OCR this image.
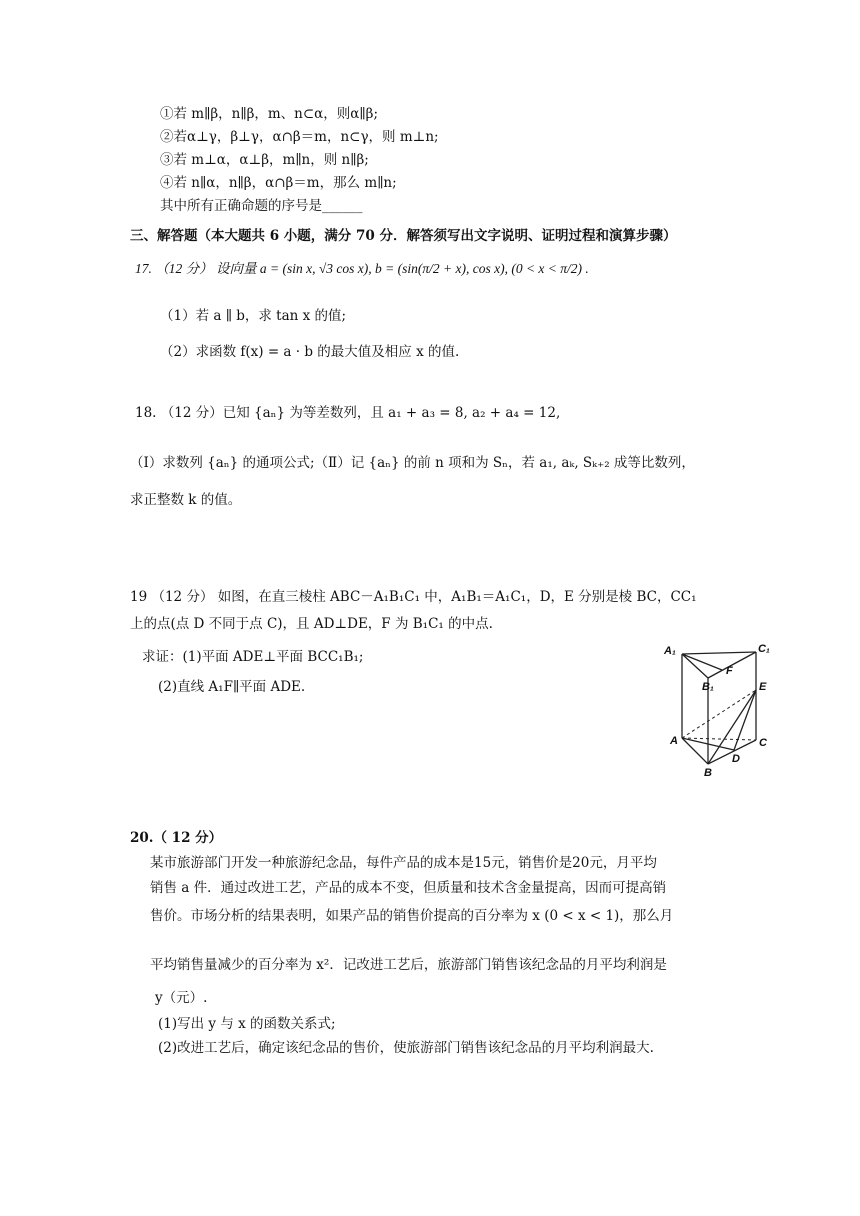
①若 m∥β，n∥β，m、n⊂α，则α∥β;
②若α⊥γ，β⊥γ，α∩β＝m，n⊂γ，则 m⊥n;
③若 m⊥α，α⊥β，m∥n，则 n∥β;
④若 n∥α，n∥β，α∩β＝m，那么 m∥n;
其中所有正确命题的序号是______
三、解答题（本大题共 6 小题，满分 70 分．解答须写出文字说明、证明过程和演算步骤）
17. （12 分） 设向量 a = (sin x, √3 cos x), b = (sin(π/2 + x), cos x), (0 < x < π/2) .
（1）若 a ∥ b，求 tan x 的值;
（2）求函数 f(x) = a · b 的最大值及相应 x 的值.
18. （12 分）已知 {aₙ} 为等差数列，且 a₁ + a₃ = 8, a₂ + a₄ = 12,
（Ⅰ）求数列 {aₙ} 的通项公式;（Ⅱ）记 {aₙ} 的前 n 项和为 Sₙ，若 a₁, aₖ, Sₖ₊₂ 成等比数列，
求正整数 k 的值。
19 （12 分） 如图，在直三棱柱 ABC－A₁B₁C₁ 中，A₁B₁＝A₁C₁，D，E 分别是棱 BC，CC₁
上的点(点 D 不同于点 C)，且 AD⊥DE，F 为 B₁C₁ 的中点.
求证：(1)平面 ADE⊥平面 BCC₁B₁;
(2)直线 A₁F∥平面 ADE.
A₁	C₁
F
B₁	E
A	C
D
B
20.（ 12 分）
某市旅游部门开发一种旅游纪念品，每件产品的成本是15元，销售价是20元，月平均
销售 a 件．通过改进工艺，产品的成本不变，但质量和技术含金量提高，因而可提高销
售价。市场分析的结果表明，如果产品的销售价提高的百分率为 x (0 < x < 1)，那么月
平均销售量减少的百分率为 x²．记改进工艺后，旅游部门销售该纪念品的月平均利润是
y（元）.
(1)写出 y 与 x 的函数关系式;
(2)改进工艺后，确定该纪念品的售价，使旅游部门销售该纪念品的月平均利润最大.
